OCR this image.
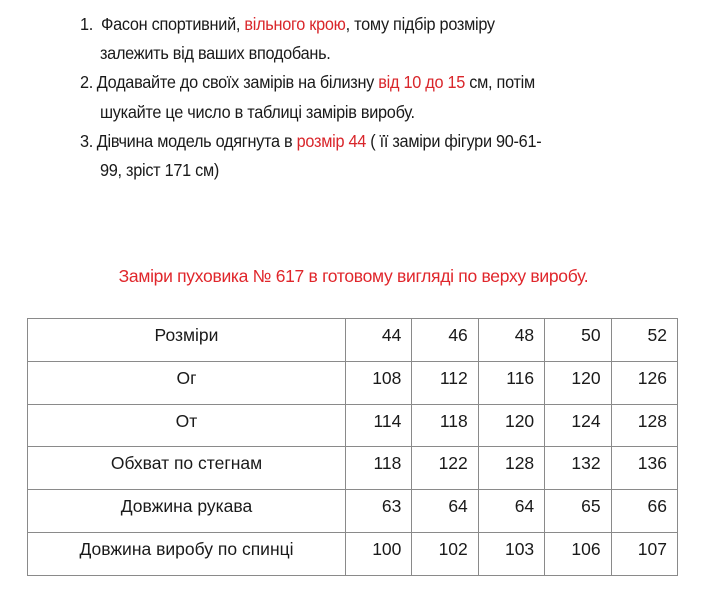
1. Фасон спортивний, вільного крою, тому підбір розміру
залежить від ваших вподобань.
2. Додавайте до своїх замірів на білизну від 10 до 15 см, потім
шукайте це число в таблиці замірів виробу.
3. Дівчина модель одягнута в розмір 44 ( її заміри фігури 90-61-
99, зріст 171 см)
Заміри пуховика № 617 в готовому вигляді по верху виробу.
Розміри	44	46	48	50	52
Ог	108	112	116	120	126
От	114	118	120	124	128
Обхват по стегнам	118	122	128	132	136
Довжина рукава	63	64	64	65	66
Довжина виробу по спинці	100	102	103	106	107
